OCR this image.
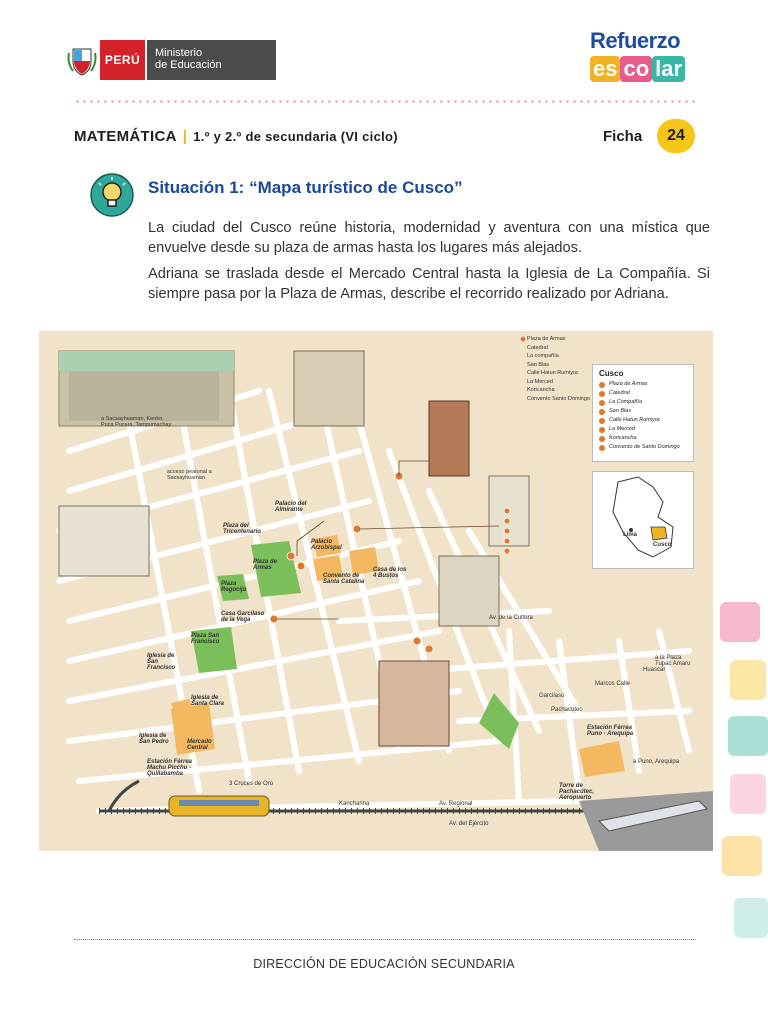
PERÚ	Ministerio
de Educación
Refuerzo
es co lar
MATEMÁTICA | 1.º y 2.º de secundaria (VI ciclo)	Ficha	24
Situación 1: “Mapa turístico de Cusco”
La ciudad del Cusco reúne historia, modernidad y aventura con una mística que envuelve desde su plaza de armas hasta los lugares más alejados.
Adriana se traslada desde el Mercado Central hasta la Iglesia de La Compañía. Si siempre pasa por la Plaza de Armas, describe el recorrido realizado por Adriana.
Plaza de Armas
Catedral
La compañía
San Blas
Calle Hatun Rumiyoc
La Merced
Koricancha
Convento Santo Domingo
Cusco
Plaza de Armas
Catedral
La Compañía
San Blas
Calle Hatun Rumiyoc
La Merced
Koricancha
Convento de Santo Domingo
Lima
Cusco
a Sacsayhuaman, Kenko, Puca Pucara, Tampumachay
acceso peatonal a Sacsayhuaman
Plaza de Armas
Plaza Regocijo
Plaza San Francisco
Palacio del Almirante
Plaza del Tricentenario
Palacio Arzobispal
Convento de Santa Catalina
Casa de los 4 Bustos
Casa Garcilaso de la Vega
Iglesia de San Francisco
Iglesia de Santa Clara
Iglesia de San Pedro	Mercado Central
Estación Férrea Machu Picchu - Quillabamba
Estación Férrea Puno - Arequipa
a Puno, Arequipa
a la Plaza Tupac Amaru
Torre de Pachacútec, Aeropuerto
Av. de la Cultura
Av. Regional
Av. del Ejército
Kancharina
3 Cruces de Oro
Pachacutec
Garcilaso
Marcos Calle
Huascar
DIRECCIÓN DE EDUCACIÓN SECUNDARIA
